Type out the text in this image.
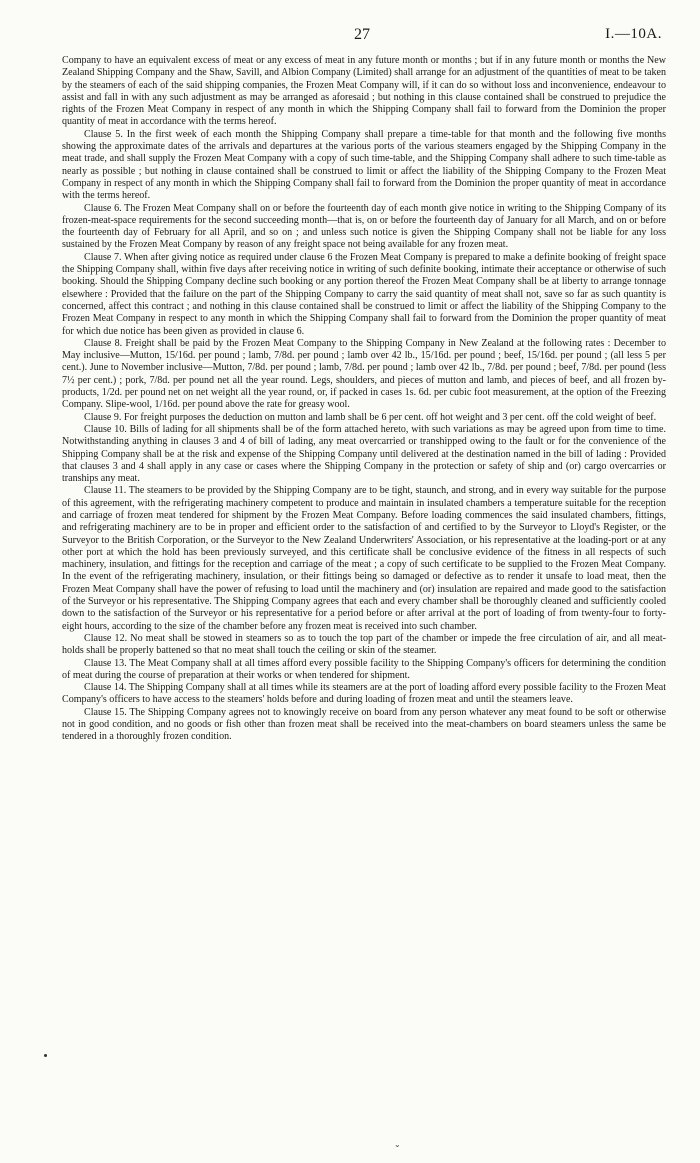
27	I.—10A.

Company to have an equivalent excess of meat or any excess of meat in any future month or months ; but if in any future month or months the New Zealand Shipping Company and the Shaw, Savill, and Albion Company (Limited) shall arrange for an adjustment of the quantities of meat to be taken by the steamers of each of the said shipping companies, the Frozen Meat Company will, if it can do so without loss and inconvenience, endeavour to assist and fall in with any such adjustment as may be arranged as aforesaid ; but nothing in this clause contained shall be construed to prejudice the rights of the Frozen Meat Company in respect of any month in which the Shipping Company shall fail to forward from the Dominion the proper quantity of meat in accordance with the terms hereof.

Clause 5. In the first week of each month the Shipping Company shall prepare a time-table for that month and the following five months showing the approximate dates of the arrivals and departures at the various ports of the various steamers engaged by the Shipping Company in the meat trade, and shall supply the Frozen Meat Company with a copy of such time-table, and the Shipping Company shall adhere to such time-table as nearly as possible ; but nothing in clause contained shall be construed to limit or affect the liability of the Shipping Company to the Frozen Meat Company in respect of any month in which the Shipping Company shall fail to forward from the Dominion the proper quantity of meat in accordance with the terms hereof.

Clause 6. The Frozen Meat Company shall on or before the fourteenth day of each month give notice in writing to the Shipping Company of its frozen-meat-space requirements for the second succeeding month—that is, on or before the fourteenth day of January for all March, and on or before the fourteenth day of February for all April, and so on ; and unless such notice is given the Shipping Company shall not be liable for any loss sustained by the Frozen Meat Company by reason of any freight space not being available for any frozen meat.

Clause 7. When after giving notice as required under clause 6 the Frozen Meat Company is prepared to make a definite booking of freight space the Shipping Company shall, within five days after receiving notice in writing of such definite booking, intimate their acceptance or otherwise of such booking. Should the Shipping Company decline such booking or any portion thereof the Frozen Meat Company shall be at liberty to arrange tonnage elsewhere : Provided that the failure on the part of the Shipping Company to carry the said quantity of meat shall not, save so far as such quantity is concerned, affect this contract ; and nothing in this clause contained shall be construed to limit or affect the liability of the Shipping Company to the Frozen Meat Company in respect to any month in which the Shipping Company shall fail to forward from the Dominion the proper quantity of meat for which due notice has been given as provided in clause 6.

Clause 8. Freight shall be paid by the Frozen Meat Company to the Shipping Company in New Zealand at the following rates : December to May inclusive—Mutton, 15/16d. per pound ; lamb, 7/8d. per pound ; lamb over 42 lb., 15/16d. per pound ; beef, 15/16d. per pound ; (all less 5 per cent.). June to November inclusive—Mutton, 7/8d. per pound ; lamb, 7/8d. per pound ; lamb over 42 lb., 7/8d. per pound ; beef, 7/8d. per pound (less 7½ per cent.) ; pork, 7/8d. per pound net all the year round. Legs, shoulders, and pieces of mutton and lamb, and pieces of beef, and all frozen by-products, 1/2d. per pound net on net weight all the year round, or, if packed in cases 1s. 6d. per cubic foot measurement, at the option of the Freezing Company. Slipe-wool, 1/16d. per pound above the rate for greasy wool.

Clause 9. For freight purposes the deduction on mutton and lamb shall be 6 per cent. off hot weight and 3 per cent. off the cold weight of beef.

Clause 10. Bills of lading for all shipments shall be of the form attached hereto, with such variations as may be agreed upon from time to time. Notwithstanding anything in clauses 3 and 4 of bill of lading, any meat overcarried or transhipped owing to the fault or for the convenience of the Shipping Company shall be at the risk and expense of the Shipping Company until delivered at the destination named in the bill of lading : Provided that clauses 3 and 4 shall apply in any case or cases where the Shipping Company in the protection or safety of ship and (or) cargo overcarries or tranships any meat.

Clause 11. The steamers to be provided by the Shipping Company are to be tight, staunch, and strong, and in every way suitable for the purpose of this agreement, with the refrigerating machinery competent to produce and maintain in insulated chambers a temperature suitable for the reception and carriage of frozen meat tendered for shipment by the Frozen Meat Company. Before loading commences the said insulated chambers, fittings, and refrigerating machinery are to be in proper and efficient order to the satisfaction of and certified to by the Surveyor to Lloyd's Register, or the Surveyor to the British Corporation, or the Surveyor to the New Zealand Underwriters' Association, or his representative at the loading-port or at any other port at which the hold has been previously surveyed, and this certificate shall be conclusive evidence of the fitness in all respects of such machinery, insulation, and fittings for the reception and carriage of the meat ; a copy of such certificate to be supplied to the Frozen Meat Company. In the event of the refrigerating machinery, insulation, or their fittings being so damaged or defective as to render it unsafe to load meat, then the Frozen Meat Company shall have the power of refusing to load until the machinery and (or) insulation are repaired and made good to the satisfaction of the Surveyor or his representative. The Shipping Company agrees that each and every chamber shall be thoroughly cleaned and sufficiently cooled down to the satisfaction of the Surveyor or his representative for a period before or after arrival at the port of loading of from twenty-four to forty-eight hours, according to the size of the chamber before any frozen meat is received into such chamber.

Clause 12. No meat shall be stowed in steamers so as to touch the top part of the chamber or impede the free circulation of air, and all meat-holds shall be properly battened so that no meat shall touch the ceiling or skin of the steamer.

Clause 13. The Meat Company shall at all times afford every possible facility to the Shipping Company's officers for determining the condition of meat during the course of preparation at their works or when tendered for shipment.

Clause 14. The Shipping Company shall at all times while its steamers are at the port of loading afford every possible facility to the Frozen Meat Company's officers to have access to the steamers' holds before and during loading of frozen meat and until the steamers leave.

Clause 15. The Shipping Company agrees not to knowingly receive on board from any person whatever any meat found to be soft or otherwise not in good condition, and no goods or fish other than frozen meat shall be received into the meat-chambers on board steamers unless the same be tendered in a thoroughly frozen condition.

⌄
